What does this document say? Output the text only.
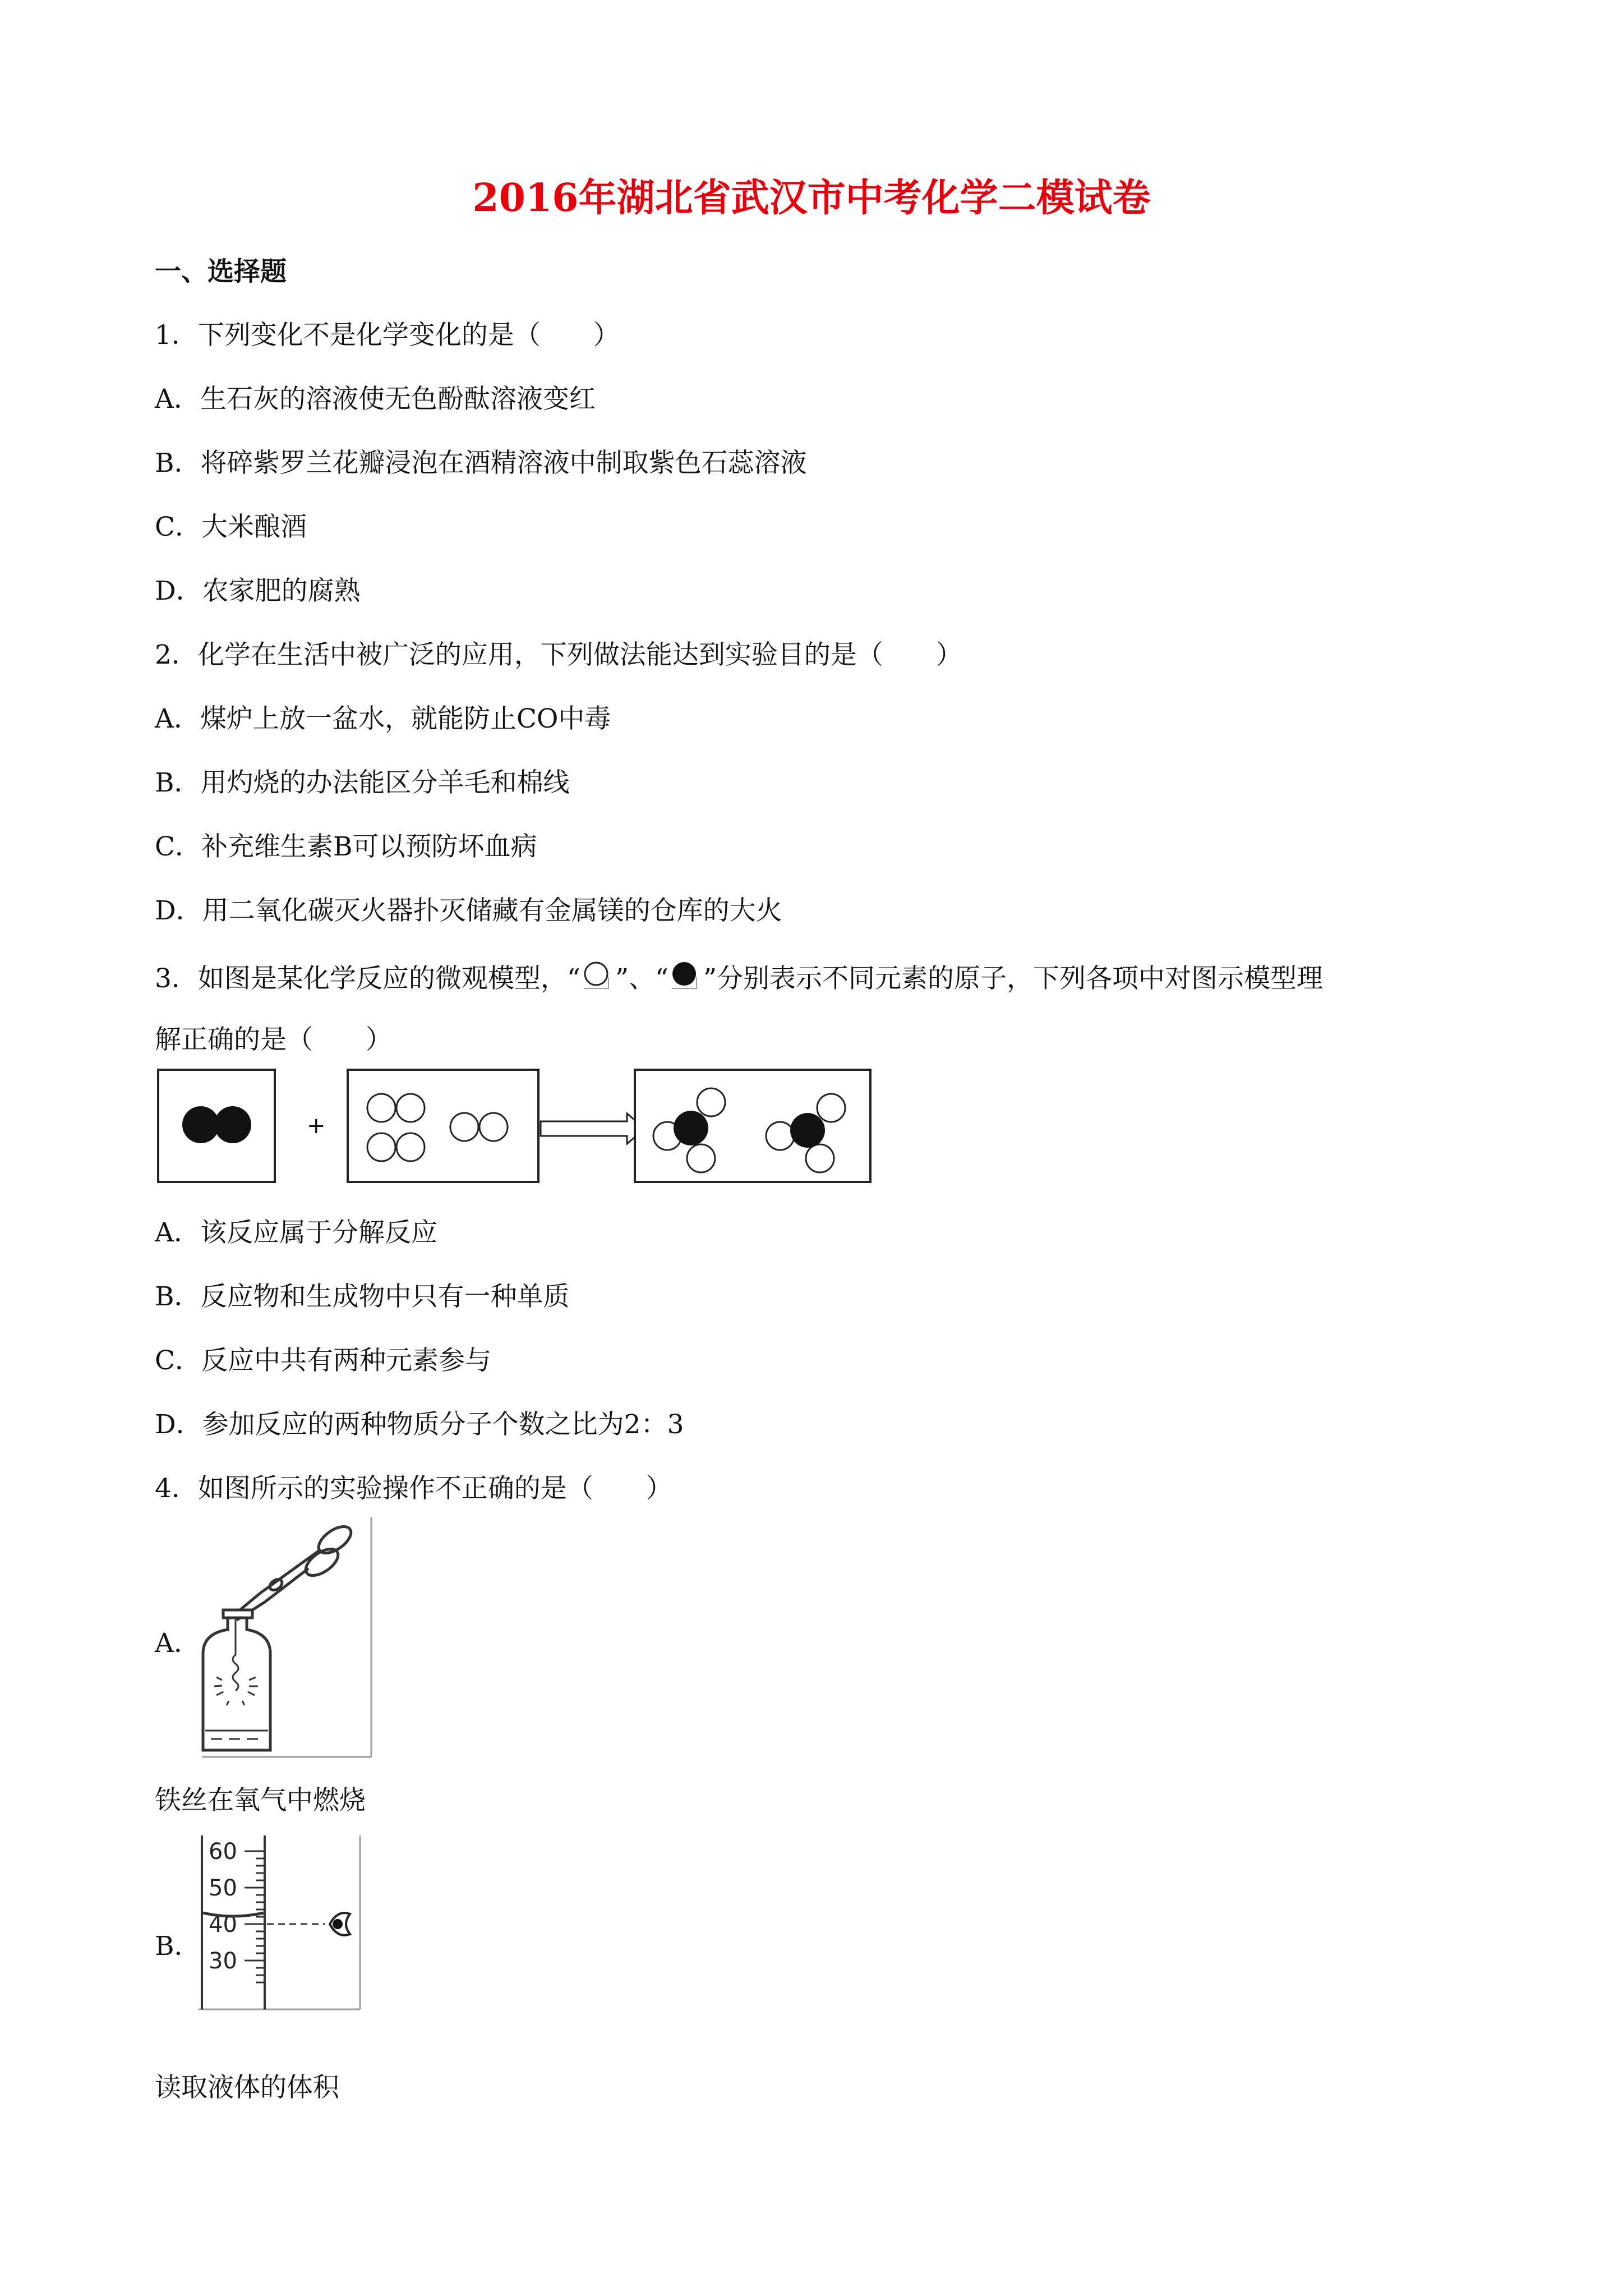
2016年湖北省武汉市中考化学二模试卷
一、选择题
1．下列变化不是化学变化的是（　　）
A．生石灰的溶液使无色酚酞溶液变红
B．将碎紫罗兰花瓣浸泡在酒精溶液中制取紫色石蕊溶液
C．大米酿酒
D．农家肥的腐熟
2．化学在生活中被广泛的应用，下列做法能达到实验目的是（　　）
A．煤炉上放一盆水，就能防止CO中毒
B．用灼烧的办法能区分羊毛和棉线
C．补充维生素B可以预防坏血病
D．用二氧化碳灭火器扑灭储藏有金属镁的仓库的大火
3．如图是某化学反应的微观模型，“ ”、“ ”分别表示不同元素的原子，下列各项中对图示模型理
解正确的是（　　）
+
A．该反应属于分解反应
B．反应物和生成物中只有一种单质
C．反应中共有两种元素参与
D．参加反应的两种物质分子个数之比为2：3
4．如图所示的实验操作不正确的是（　　）
A．
铁丝在氧气中燃烧
B．
60
50
40
30
读取液体的体积
